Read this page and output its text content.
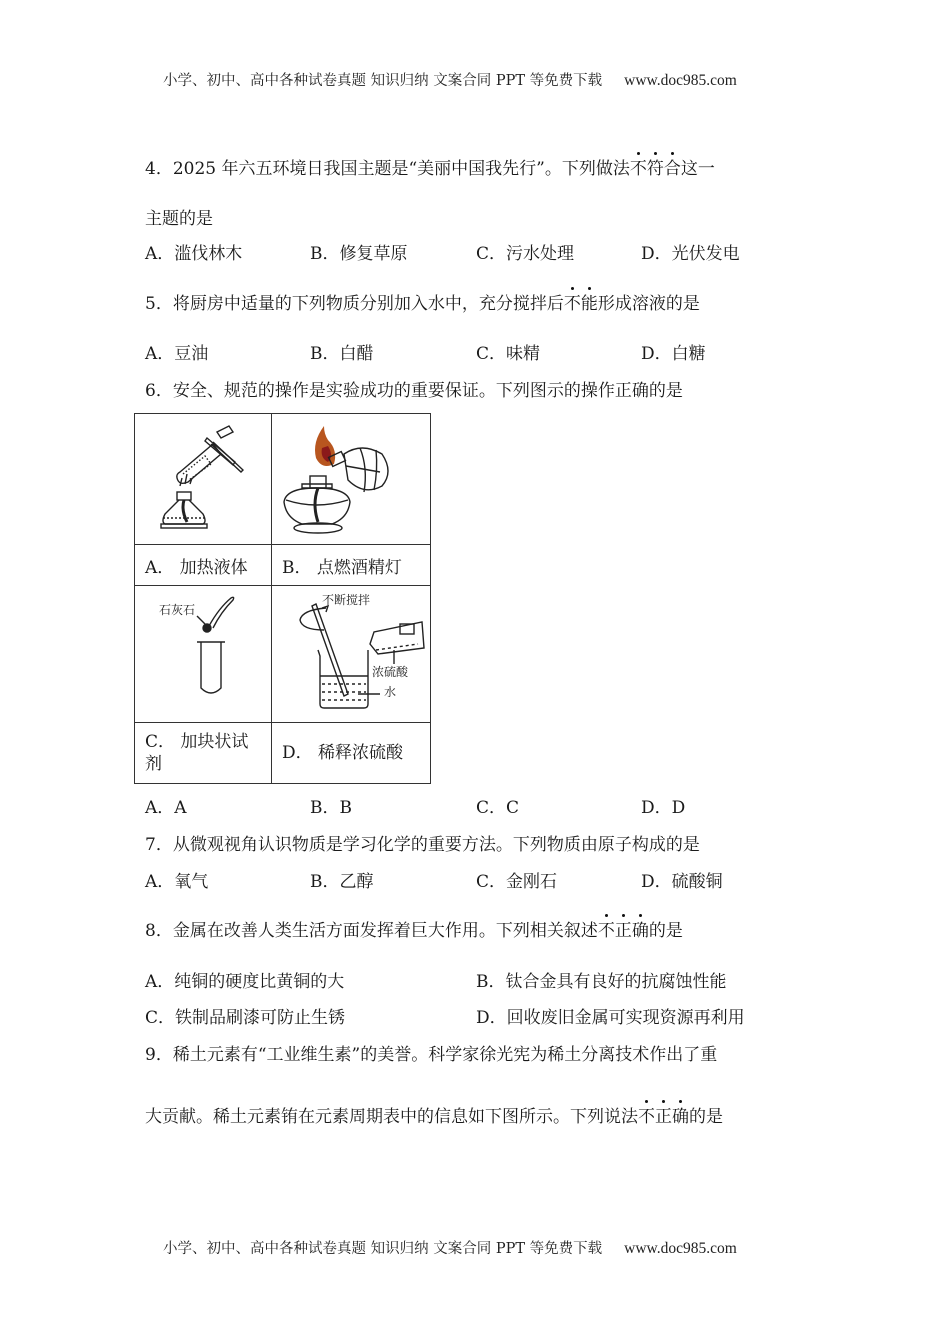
小学、初中、高中各种试卷真题 知识归纳 文案合同 PPT 等免费下载 www.doc985.com
4．2025 年六五环境日我国主题是“美丽中国我先行”。下列做法不符合这一
主题的是
A．滥伐林木	B．修复草原	C．污水处理	D．光伏发电
5．将厨房中适量的下列物质分别加入水中，充分搅拌后不能形成溶液的是
A．豆油	B．白醋	C．味精	D．白糖
6．安全、规范的操作是实验成功的重要保证。下列图示的操作正确的是

A． 加热液体	B． 点燃酒精灯

石灰石	不断搅拌
浓硫酸
水

C． 加块状试
剂	D． 稀释浓硫酸
A．A	B．B	C．C	D．D
7．从微观视角认识物质是学习化学的重要方法。下列物质由原子构成的是
A．氧气	B．乙醇	C．金刚石	D．硫酸铜
8．金属在改善人类生活方面发挥着巨大作用。下列相关叙述不正确的是
A．纯铜的硬度比黄铜的大	B．钛合金具有良好的抗腐蚀性能
C．铁制品刷漆可防止生锈	D．回收废旧金属可实现资源再利用
9．稀土元素有“工业维生素”的美誉。科学家徐光宪为稀土分离技术作出了重
大贡献。稀土元素铕在元素周期表中的信息如下图所示。下列说法不正确的是
小学、初中、高中各种试卷真题 知识归纳 文案合同 PPT 等免费下载 www.doc985.com
